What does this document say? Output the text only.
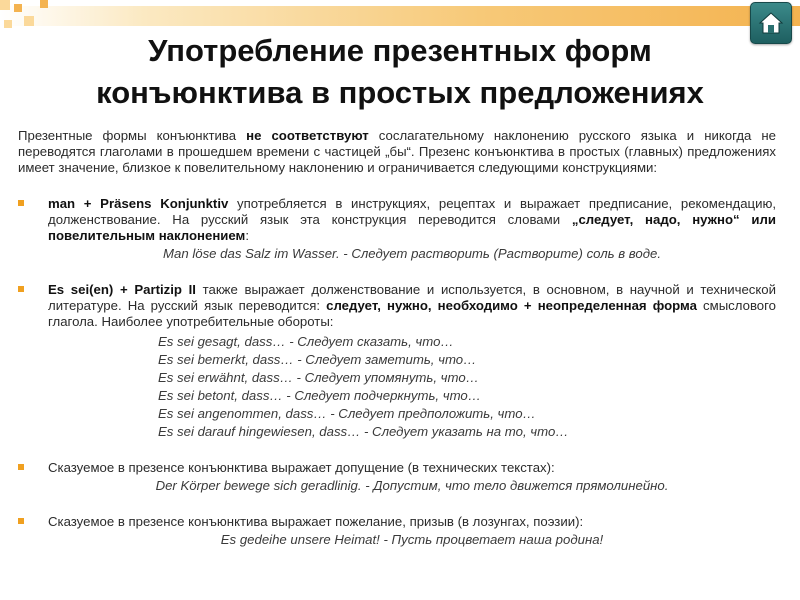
Употребление презентных форм
конъюнктива в простых предложениях

Презентные формы конъюнктива не соответствуют сослагательному наклонению русского языка и никогда не переводятся глаголами в прошедшем времени с частицей „бы“. Презенс конъюнктива в простых (главных) предложениях имеет значение, близкое к повелительному наклонению и ограничивается следующими конструкциями:

man + Präsens Konjunktiv употребляется в инструкциях, рецептах и выражает предписание, рекомендацию, долженствование. На русский язык эта конструкция переводится словами „следует, надо, нужно“ или повелительным наклонением:
Man löse das Salz im Wasser. - Следует растворить (Растворите) соль в воде.
Es sei(en) + Partizip II также выражает долженствование и используется, в основном, в научной и технической литературе. На русский язык переводится: следует, нужно, необходимо + неопределенная форма смыслового глагола. Наиболее употребительные обороты:
Es sei gesagt, dass… - Следует сказать, что…
Es sei bemerkt, dass… - Следует заметить, что…
Es sei erwähnt, dass… - Следует упомянуть, что…
Es sei betont, dass… - Следует подчеркнуть, что…
Es sei angenommen, dass… - Следует предположить, что…
Es sei darauf hingewiesen, dass… - Следует указать на то, что…
Сказуемое в презенсе конъюнктива выражает допущение (в технических текстах):
Der Körper bewege sich geradlinig. - Допустим, что тело движется прямолинейно.
Сказуемое в презенсе конъюнктива выражает пожелание, призыв (в лозунгах, поэзии):
Es gedeihe unsere Heimat! - Пусть процветает наша родина!
